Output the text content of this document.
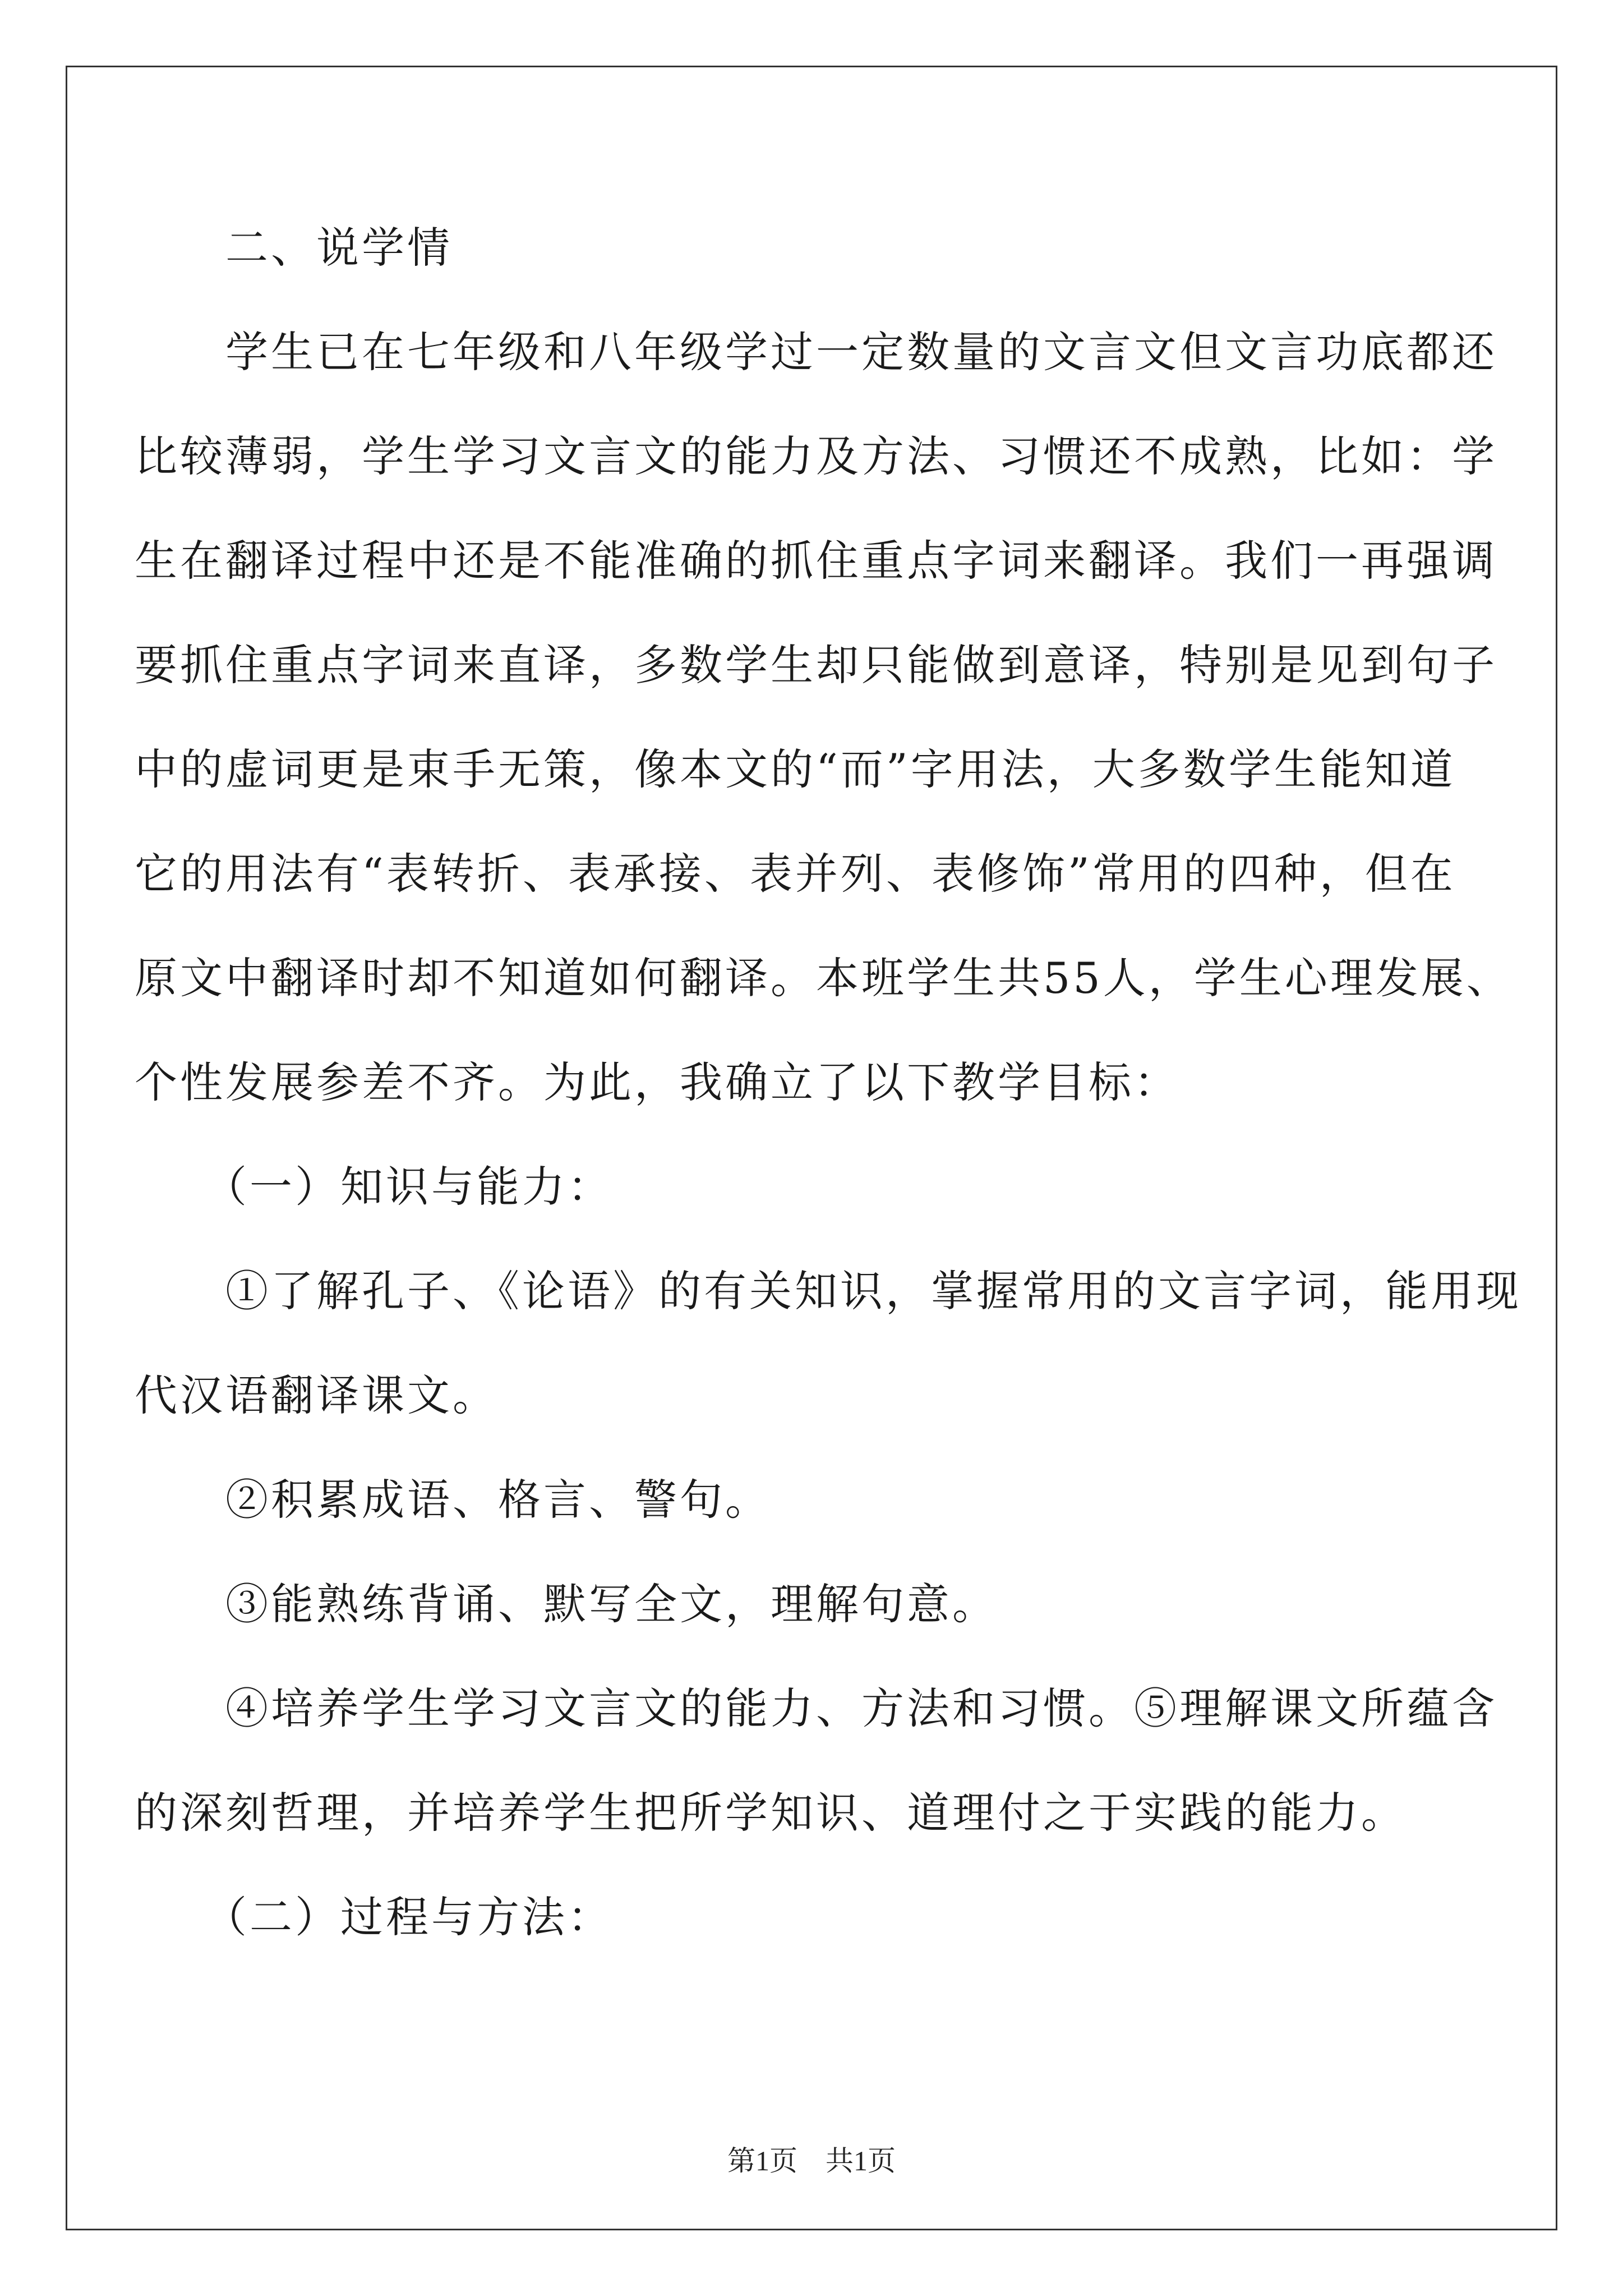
　　二、说学情
　　学生已在七年级和八年级学过一定数量的文言文但文言功底都还
比较薄弱，学生学习文言文的能力及方法、习惯还不成熟，比如：学
生在翻译过程中还是不能准确的抓住重点字词来翻译。我们一再强调
要抓住重点字词来直译，多数学生却只能做到意译，特别是见到句子
中的虚词更是束手无策，像本文的“而”字用法，大多数学生能知道
它的用法有“表转折、表承接、表并列、表修饰”常用的四种，但在
原文中翻译时却不知道如何翻译。本班学生共55人，学生心理发展、
个性发展参差不齐。为此，我确立了以下教学目标：
　　（一）知识与能力：
　　①了解孔子、《论语》的有关知识，掌握常用的文言字词，能用现
代汉语翻译课文。
　　②积累成语、格言、警句。
　　③能熟练背诵、默写全文，理解句意。
　　④培养学生学习文言文的能力、方法和习惯。⑤理解课文所蕴含
的深刻哲理，并培养学生把所学知识、道理付之于实践的能力。
　　（二）过程与方法：
第1页　共1页
